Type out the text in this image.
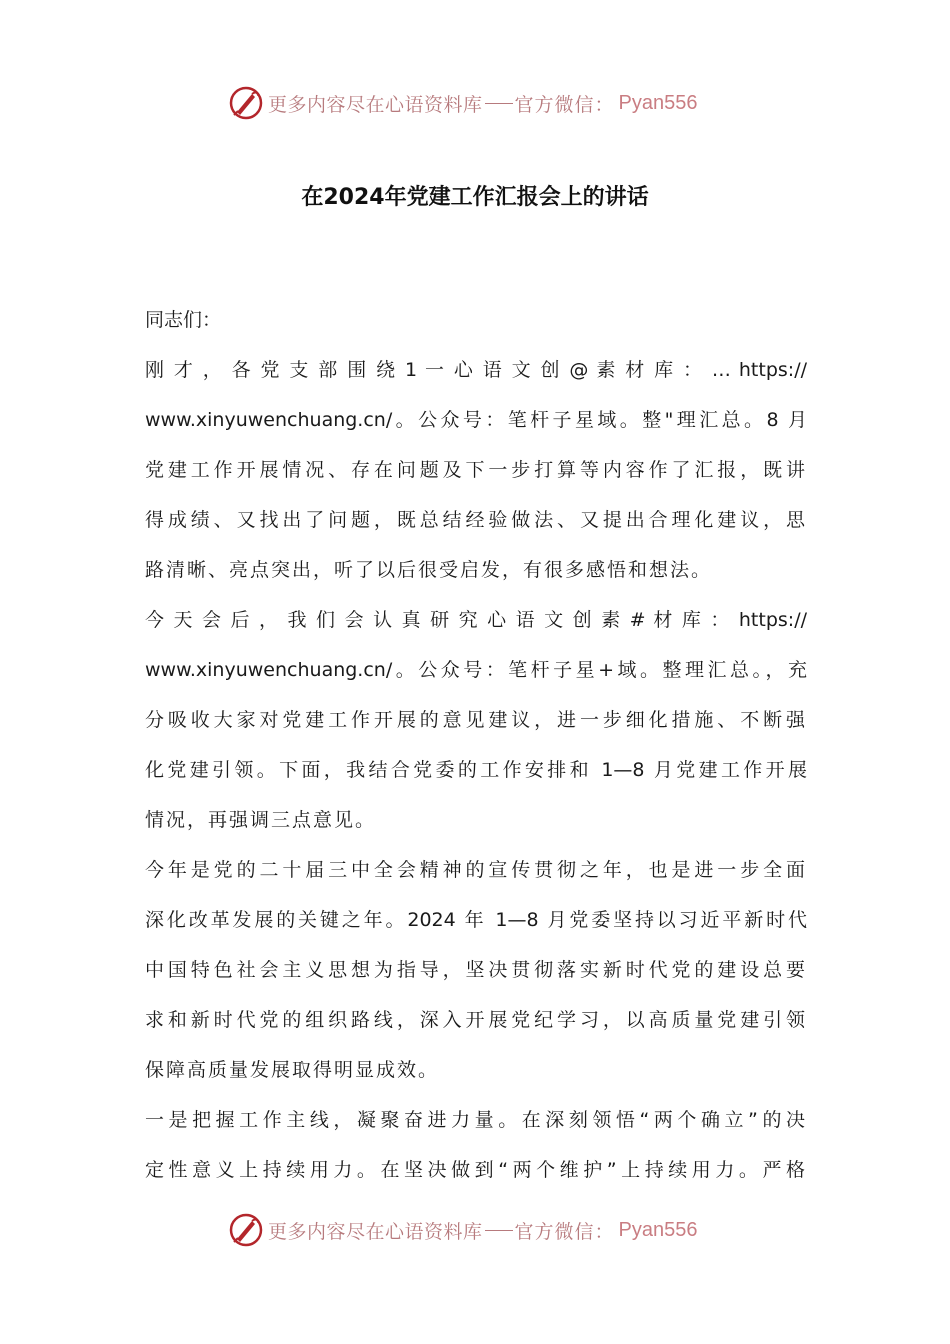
更多内容尽在心语资料库 官方微信： Pyan556
在2024年党建工作汇报会上的讲话
同志们：
刚 才 ， 各 党 支 部 围 绕 1 一 心 语 文 创 @ 素 材 库 ： … https://
www.xinyuwenchuang.cn/。公众号：笔杆子星域。整"理汇总。8 月
党建工作开展情况、存在问题及下一步打算等内容作了汇报，既讲
得成绩、又找出了问题，既总结经验做法、又提出合理化建议，思
路清晰、亮点突出，听了以后很受启发，有很多感悟和想法。
今 天 会 后 ， 我 们 会 认 真 研 究 心 语 文 创 素 # 材 库 ： https://
www.xinyuwenchuang.cn/。公众号：笔杆子星+域。整理汇总。，充
分吸收大家对党建工作开展的意见建议，进一步细化措施、不断强
化党建引领。下面，我结合党委的工作安排和 1—8 月党建工作开展
情况，再强调三点意见。
今年是党的二十届三中全会精神的宣传贯彻之年，也是进一步全面
深化改革发展的关键之年。2024 年 1—8 月党委坚持以习近平新时代
中国特色社会主义思想为指导，坚决贯彻落实新时代党的建设总要
求和新时代党的组织路线，深入开展党纪学习，以高质量党建引领
保障高质量发展取得明显成效。
一是把握工作主线，凝聚奋进力量。在深刻领悟“两个确立”的决
定性意义上持续用力。在坚决做到“两个维护”上持续用力。严格
更多内容尽在心语资料库 官方微信： Pyan556
